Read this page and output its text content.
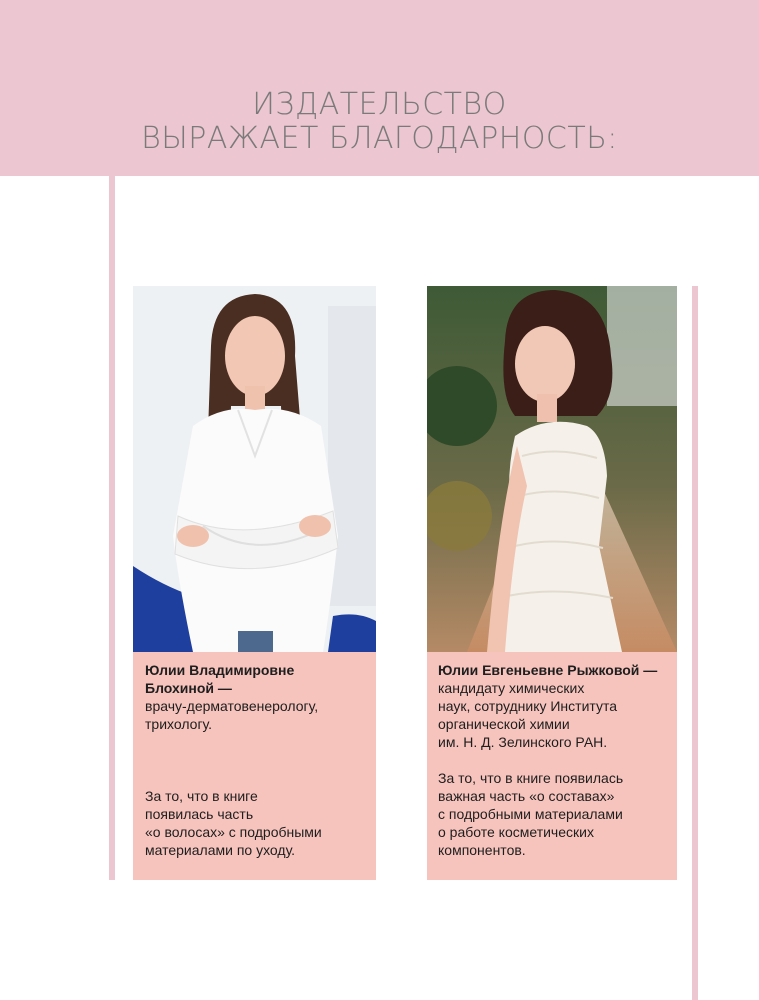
ИЗДАТЕЛЬСТВО
ВЫРАЖАЕТ БЛАГОДАРНОСТЬ:
Юлии Владимировне
Блохиной —
врачу-дерматовенерологу,
трихологу.
За то, что в книге
появилась часть
«о волосах» с подробными
материалами по уходу.
Юлии Евгеньевне Рыжковой —
кандидату химических
наук, сотруднику Института
органической химии
им. Н. Д. Зелинского РАН.
За то, что в книге появилась
важная часть «о составах»
с подробными материалами
о работе косметических
компонентов.
